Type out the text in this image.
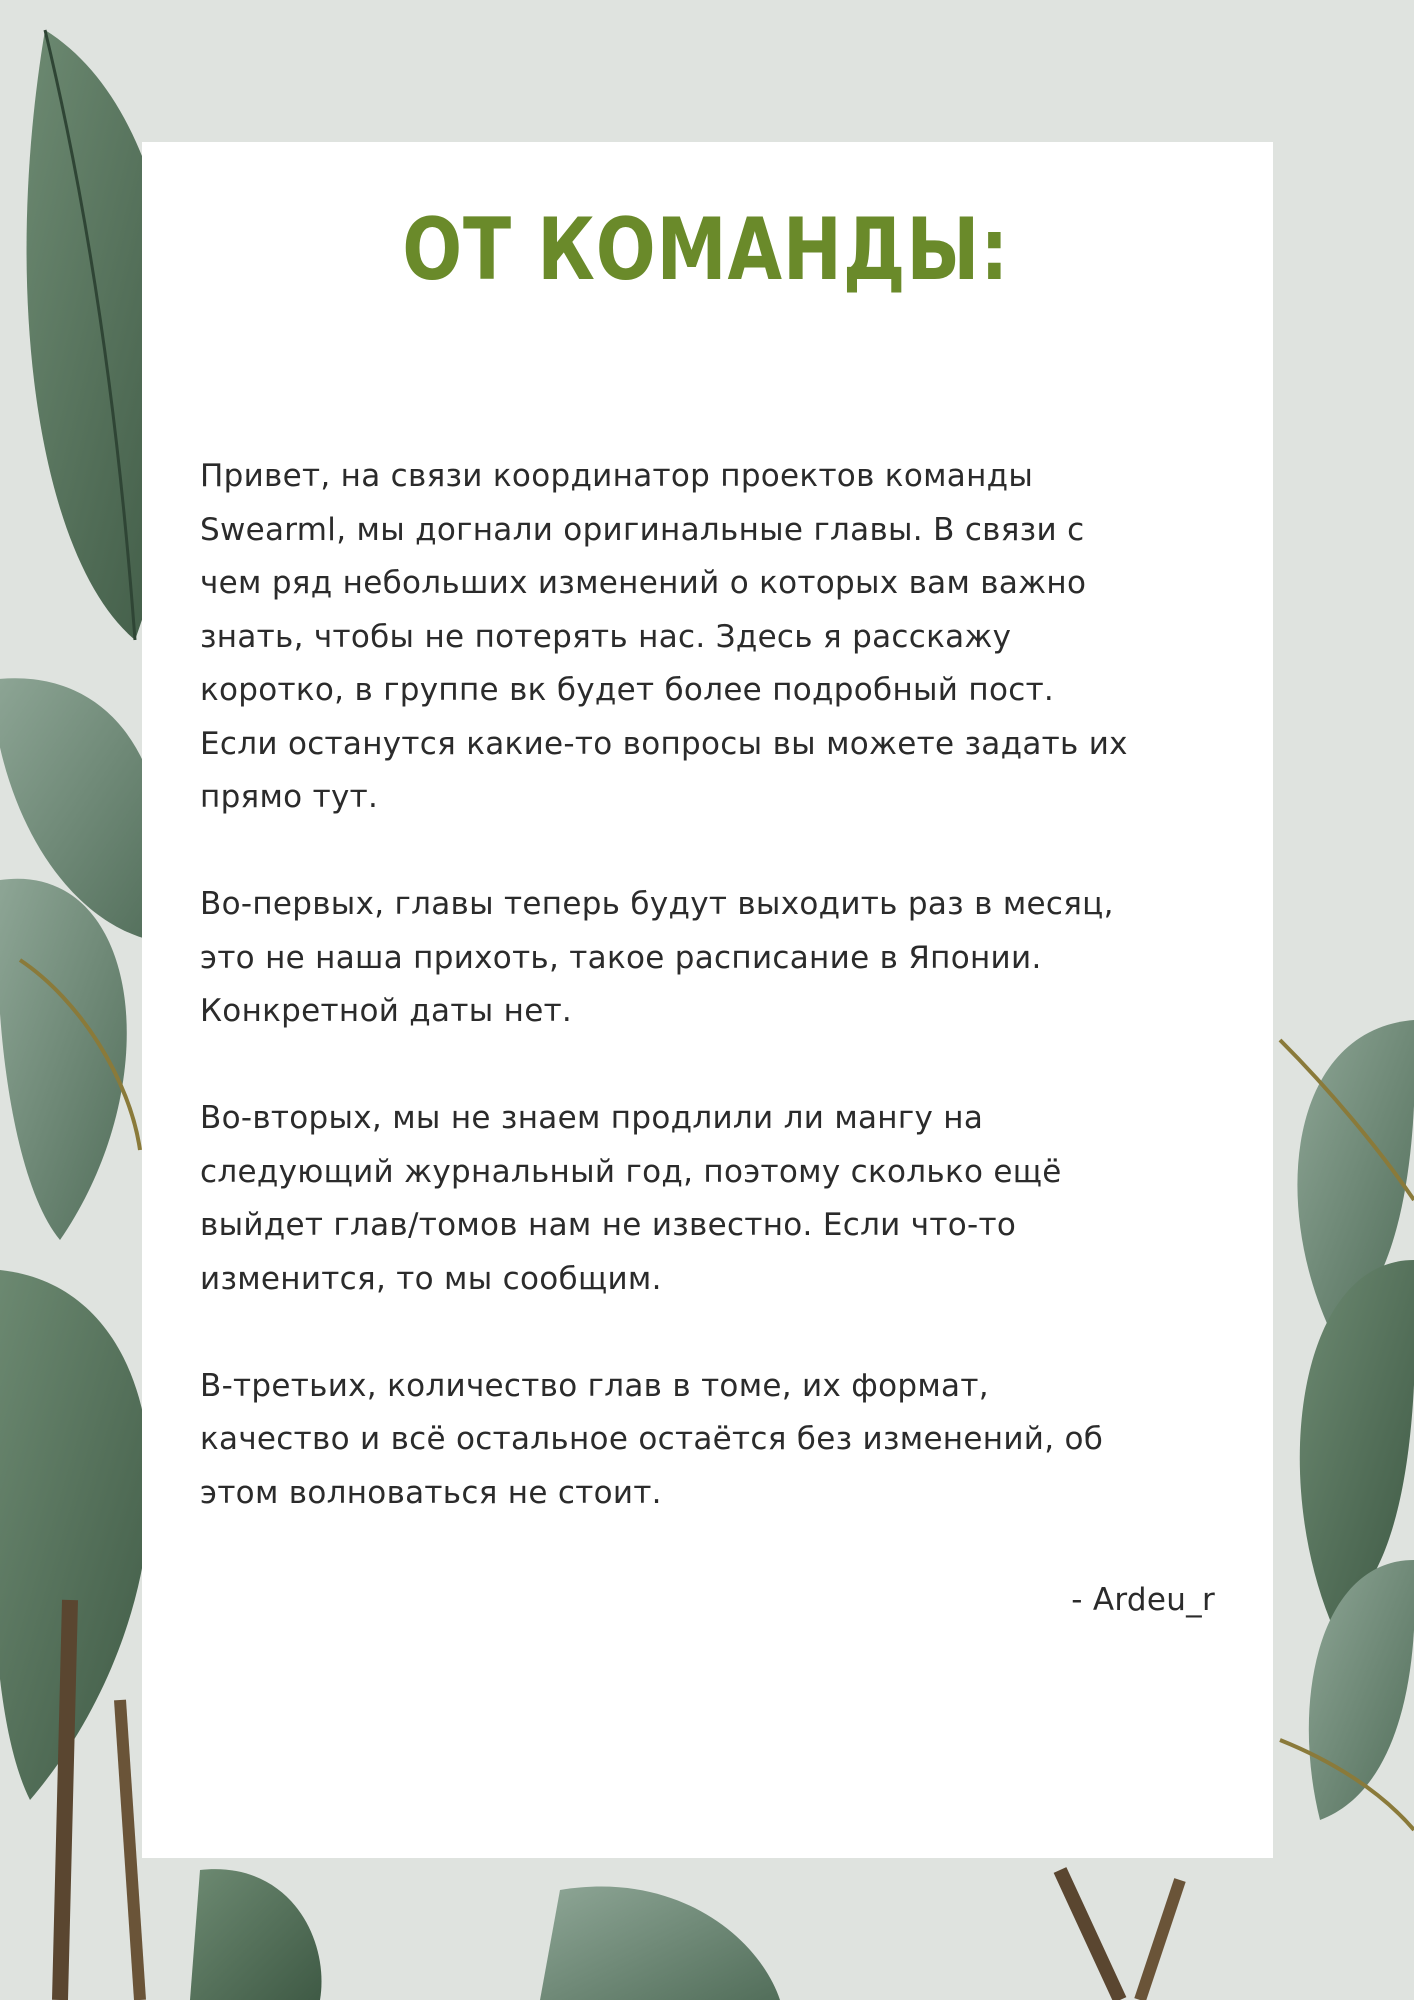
ОТ КОМАНДЫ:

Привет, на связи координатор проектов команды
Swearml, мы догнали оригинальные главы. В связи с
чем ряд небольших изменений о которых вам важно
знать, чтобы не потерять нас. Здесь я расскажу
коротко, в группе вк будет более подробный пост.
Если останутся какие-то вопросы вы можете задать их
прямо тут.

Во-первых, главы теперь будут выходить раз в месяц,
это не наша прихоть, такое расписание в Японии.
Конкретной даты нет.

Во-вторых, мы не знаем продлили ли мангу на
следующий журнальный год, поэтому сколько ещё
выйдет глав/томов нам не известно. Если что-то
изменится, то мы сообщим.

В-третьих, количество глав в томе, их формат,
качество и всё остальное остаётся без изменений, об
этом волноваться не стоит.

- Ardeu_r
